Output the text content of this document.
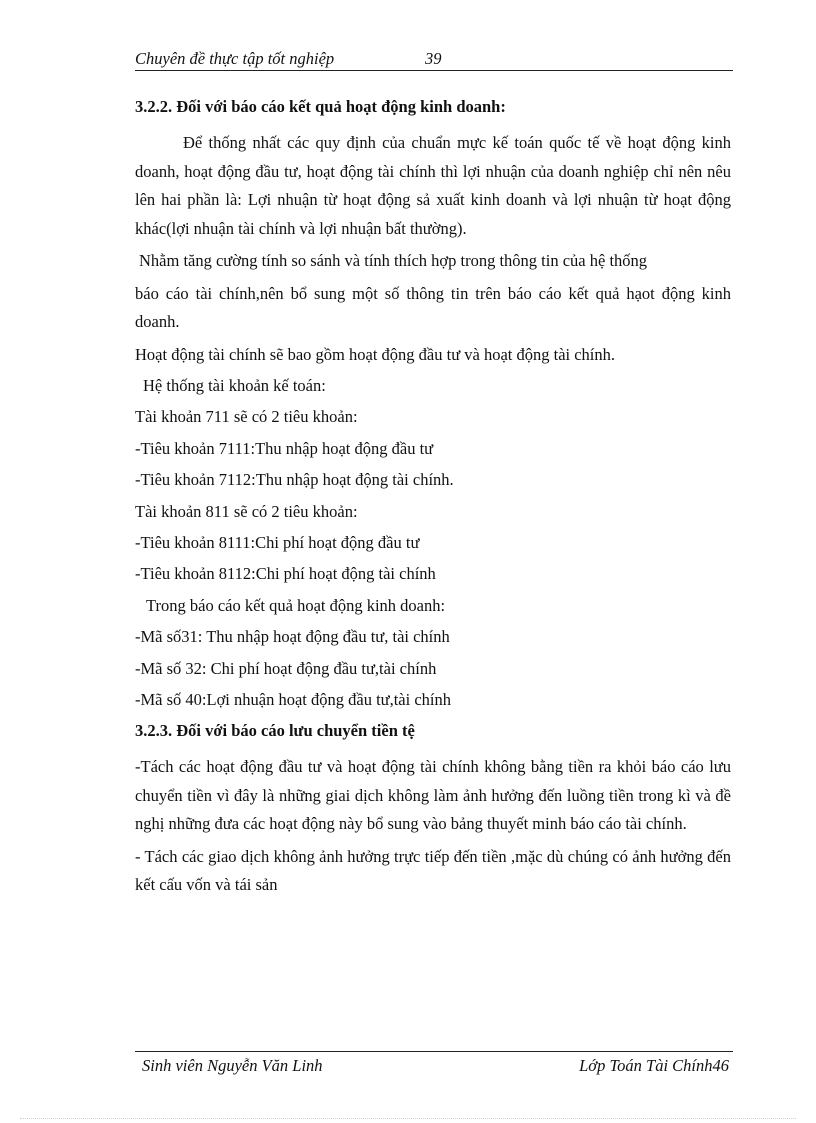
Chuyên đề thực tập tốt nghiệp	39

3.2.2. Đối với báo cáo kết quả hoạt động kinh doanh:

Để thống nhất các quy định của chuẩn mực kế toán quốc tế về hoạt động kinh doanh, hoạt động đầu tư, hoạt động tài chính thì lợi nhuận của doanh nghiệp chỉ nên nêu lên hai phần là: Lợi nhuận từ hoạt động sả xuất kinh doanh và lợi nhuận từ hoạt động khác(lợi nhuận tài chính và lợi nhuận bất thường).

Nhằm tăng cường tính so sánh và tính thích hợp trong thông tin của hệ thống

báo cáo tài chính,nên bổ sung một số thông tin trên báo cáo kết quả hạot động kinh doanh.

Hoạt động tài chính sẽ bao gồm hoạt động đầu tư và hoạt động tài chính.

Hệ thống tài khoản kế toán:

Tài khoản 711 sẽ có 2 tiêu khoản:

-Tiêu khoản 7111:Thu nhập hoạt động đầu tư

-Tiêu khoản 7112:Thu nhập hoạt động tài chính.

Tài khoản 811 sẽ có 2 tiêu khoản:

-Tiêu khoản 8111:Chi phí hoạt động đầu tư

-Tiêu khoản 8112:Chi phí hoạt động tài chính

Trong báo cáo kết quả hoạt động kinh doanh:

-Mã số31: Thu nhập hoạt động đầu tư, tài chính

-Mã số 32: Chi phí hoạt động đầu tư,tài chính

-Mã số 40:Lợi nhuận hoạt động đầu tư,tài chính

3.2.3. Đối với báo cáo lưu chuyển tiền tệ

-Tách các hoạt động đầu tư và hoạt động tài chính không bằng tiền ra khỏi báo cáo lưu chuyển tiền vì đây là những giai dịch không làm ảnh hưởng đến luồng tiền trong kì và đề nghị những đưa các hoạt động này bổ sung vào bảng thuyết minh báo cáo tài chính.

- Tách các giao dịch không ảnh hưởng trực tiếp đến tiền ,mặc dù chúng có ảnh hưởng đến kết cấu vốn và tái sản

Sinh viên Nguyễn Văn Linh	Lớp Toán Tài Chính46
